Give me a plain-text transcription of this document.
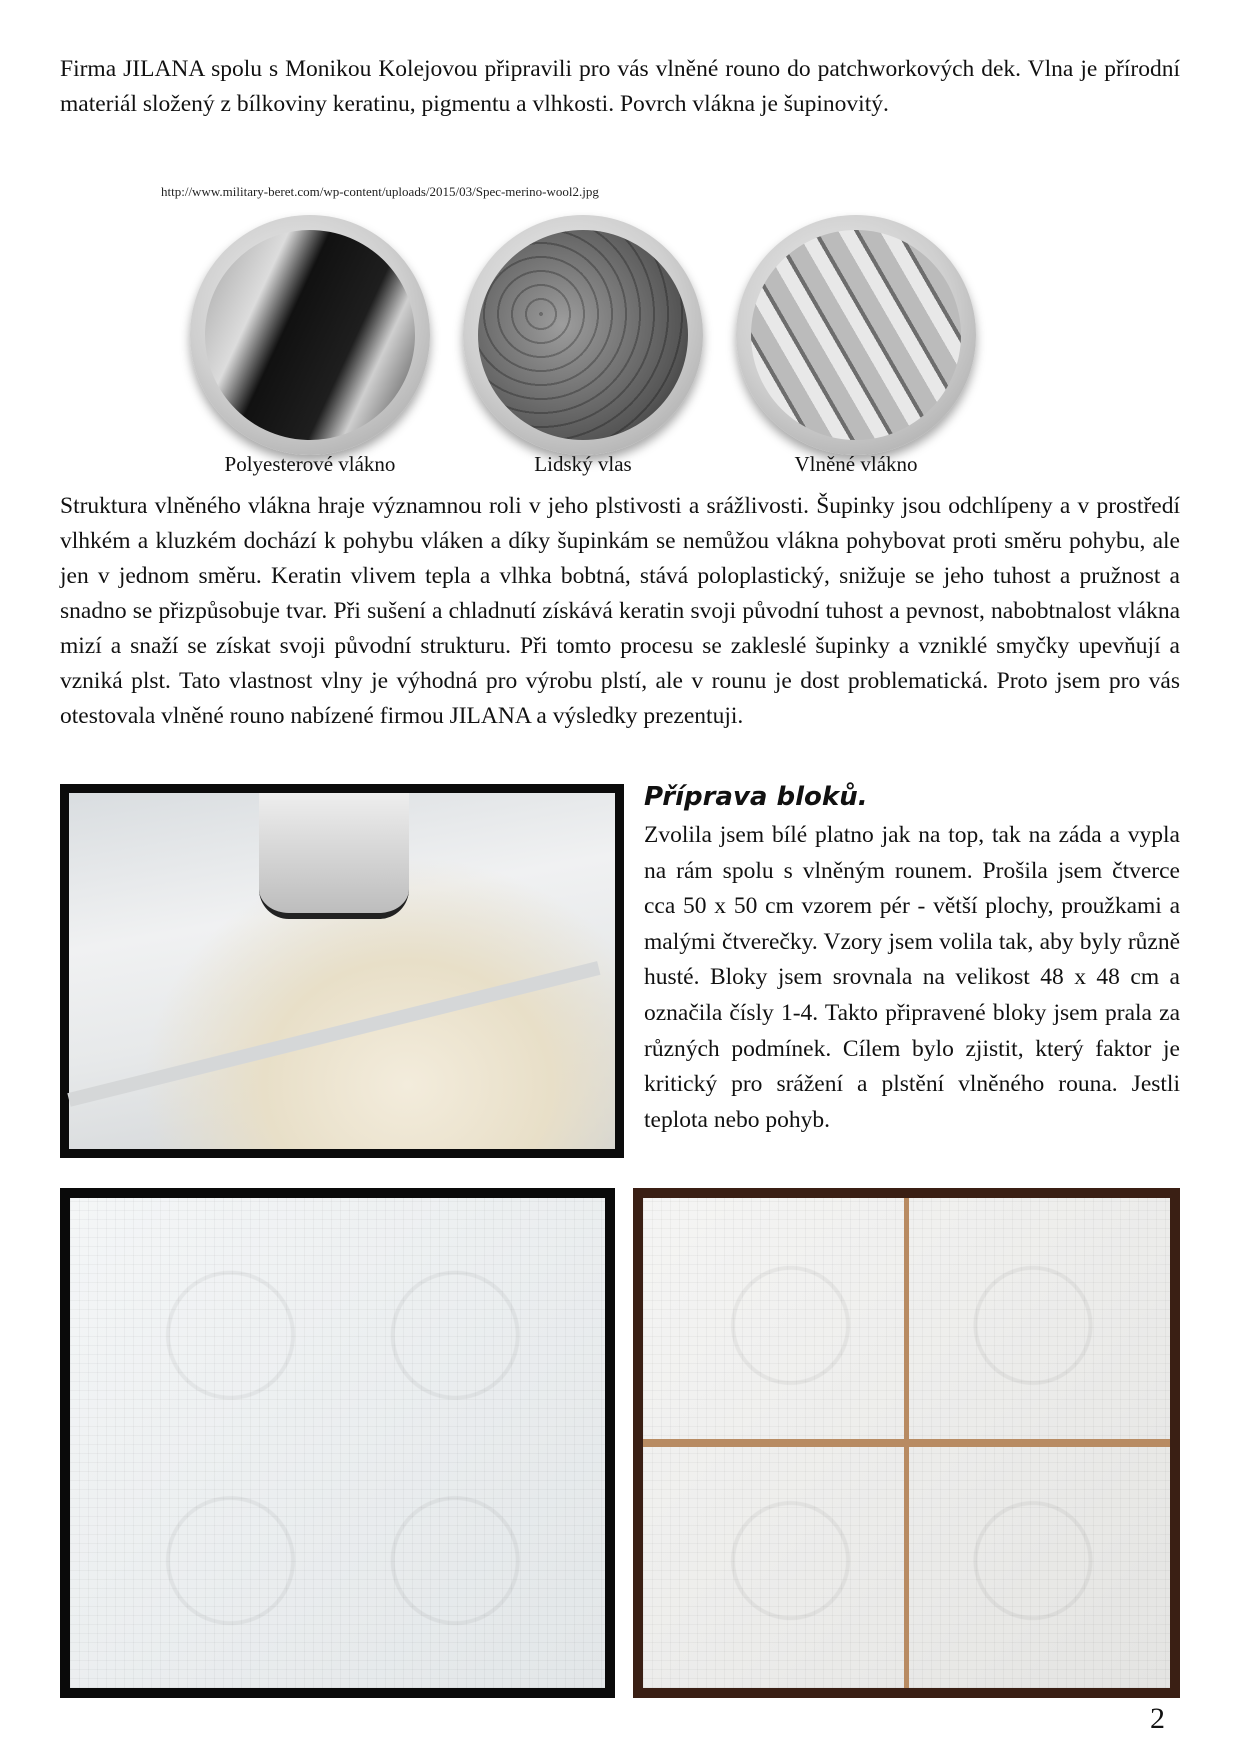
Firma JILANA spolu s Monikou Kolejovou připravili pro vás vlněné rouno do patchworkových dek. Vlna je přírodní materiál složený z bílkoviny keratinu, pigmentu a vlhkosti. Povrch vlákna je šupinovitý.

http://www.military-beret.com/wp-content/uploads/2015/03/Spec-merino-wool2.jpg
Polyesterové vlákno	Lidský vlas	Vlněné vlákno

Struktura vlněného vlákna hraje významnou roli v jeho plstivosti a srážlivosti. Šupinky jsou odchlípeny a v prostředí vlhkém a kluzkém dochází k pohybu vláken a díky šupinkám se nemůžou vlákna pohybovat proti směru pohybu, ale jen v jednom směru. Keratin vlivem tepla a vlhka bobtná, stává poloplastický, snižuje se jeho tuhost a pružnost a snadno se přizpůsobuje tvar. Při sušení a chladnutí získává keratin svoji původní tuhost a pevnost, nabobtnalost vlákna mizí a snaží se získat svoji původní strukturu. Při tomto procesu se zakleslé šupinky a vzniklé smyčky upevňují a vzniká plst. Tato vlastnost vlny je výhodná pro výrobu plstí, ale v rounu je dost problematická. Proto jsem pro vás otestovala vlněné rouno nabízené firmou JILANA a výsledky prezentuji.

Příprava bloků.

Zvolila jsem bílé platno jak na top, tak na záda a vypla na rám spolu s vlněným rounem. Prošila jsem čtverce cca 50 x 50 cm vzorem pér - větší plochy, proužkami a malými čtverečky. Vzory jsem volila tak, aby byly různě husté. Bloky jsem srovnala na velikost 48 x 48 cm a označila čísly 1-4. Takto připravené bloky jsem prala za různých podmínek. Cílem bylo zjistit, který faktor je kritický pro srážení a plstění vlněného rouna. Jestli teplota nebo pohyb.

2
